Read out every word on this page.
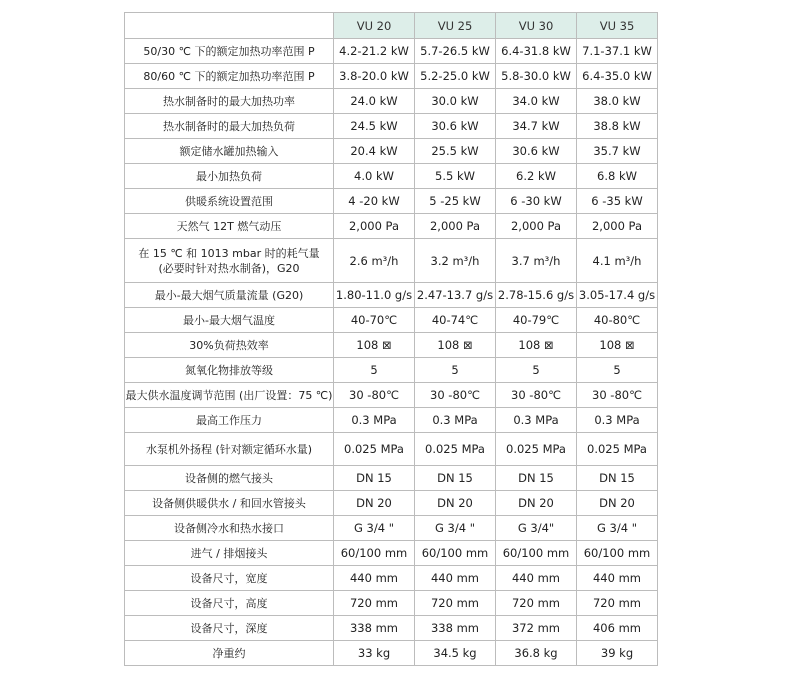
	VU 20	VU 25	VU 30	VU 35
50/30 ℃ 下的额定加热功率范围 P	4.2-21.2 kW	5.7-26.5 kW	6.4-31.8 kW	7.1-37.1 kW
80/60 ℃ 下的额定加热功率范围 P	3.8-20.0 kW	5.2-25.0 kW	5.8-30.0 kW	6.4-35.0 kW
热水制备时的最大加热功率	24.0 kW	30.0 kW	34.0 kW	38.0 kW
热水制备时的最大加热负荷	24.5 kW	30.6 kW	34.7 kW	38.8 kW
额定储水罐加热输入	20.4 kW	25.5 kW	30.6 kW	35.7 kW
最小加热负荷	4.0 kW	5.5 kW	6.2 kW	6.8 kW
供暖系统设置范围	4 -20 kW	5 -25 kW	6 -30 kW	6 -35 kW
天然气 12T 燃气动压	2,000 Pa	2,000 Pa	2,000 Pa	2,000 Pa
在 15 ℃ 和 1013 mbar 时的耗气量 (必要时针对热水制备)，G20	2.6 m³/h	3.2 m³/h	3.7 m³/h	4.1 m³/h
最小-最大烟气质量流量 (G20)	1.80-11.0 g/s	2.47-13.7 g/s	2.78-15.6 g/s	3.05-17.4 g/s
最小-最大烟气温度	40-70℃	40-74℃	40-79℃	40-80℃
30%负荷热效率	108 ⊠	108 ⊠	108 ⊠	108 ⊠
氮氧化物排放等级	5	5	5	5
最大供水温度调节范围 (出厂设置：75 ℃)	30 -80℃	30 -80℃	30 -80℃	30 -80℃
最高工作压力	0.3 MPa	0.3 MPa	0.3 MPa	0.3 MPa
水泵机外扬程 (针对额定循环水量)	0.025 MPa	0.025 MPa	0.025 MPa	0.025 MPa
设备侧的燃气接头	DN 15	DN 15	DN 15	DN 15
设备侧供暖供水 / 和回水管接头	DN 20	DN 20	DN 20	DN 20
设备侧冷水和热水接口	G 3/4 "	G 3/4 "	G 3/4"	G 3/4 "
进气 / 排烟接头	60/100 mm	60/100 mm	60/100 mm	60/100 mm
设备尺寸，宽度	440 mm	440 mm	440 mm	440 mm
设备尺寸，高度	720 mm	720 mm	720 mm	720 mm
设备尺寸，深度	338 mm	338 mm	372 mm	406 mm
净重约	33 kg	34.5 kg	36.8 kg	39 kg
